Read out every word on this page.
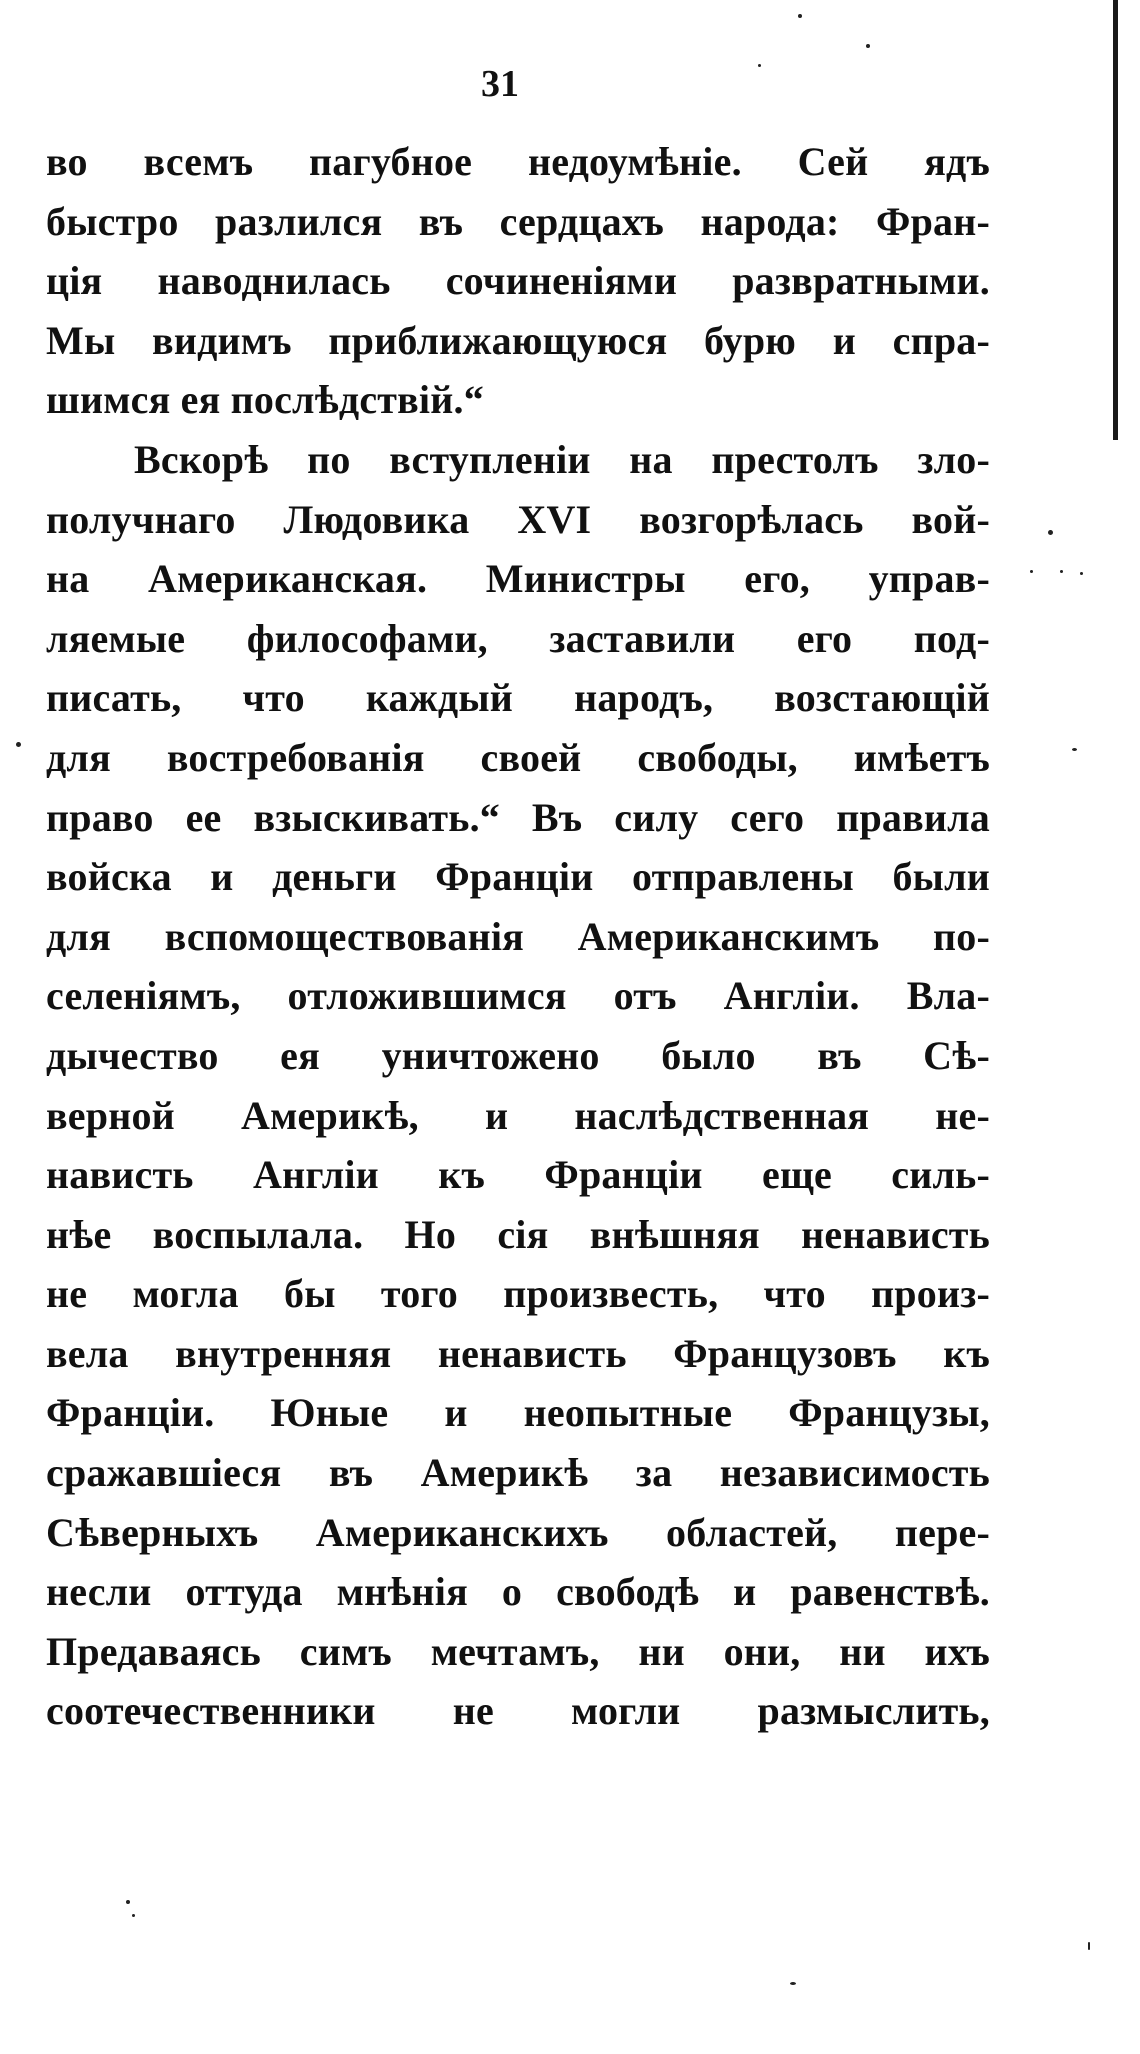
31
во всемъ пагубное недоумѣніе. Сей ядъ
быстро разлился въ сердцахъ народа: Фран-
ція наводнилась сочиненіями развратными.
Мы видимъ приближающуюся бурю и спра-
шимся ея послѣдствій.“
Вскорѣ по вступленіи на престолъ зло-
получнаго Людовика XVI возгорѣлась вой-
на Американская. Министры его, управ-
ляемые философами, заставили его под-
писать, что каждый народъ, возстающій
для востребованія своей свободы, имѣетъ
право ее взыскивать.“ Въ силу сего правила
войска и деньги Франціи отправлены были
для вспомоществованія Американскимъ по-
селеніямъ, отложившимся отъ Англіи. Вла-
дычество ея уничтожено было въ Сѣ-
верной Америкѣ, и наслѣдственная не-
нависть Англіи къ Франціи еще силь-
нѣе воспылала. Но сія внѣшняя ненависть
не могла бы того произвесть, что произ-
вела внутренняя ненависть Французовъ къ
Франціи. Юные и неопытные Французы,
сражавшіеся въ Америкѣ за независимость
Сѣверныхъ Американскихъ областей, пере-
несли оттуда мнѣнія о свободѣ и равенствѣ.
Предаваясь симъ мечтамъ, ни они, ни ихъ
соотечественники не могли размыслить,
